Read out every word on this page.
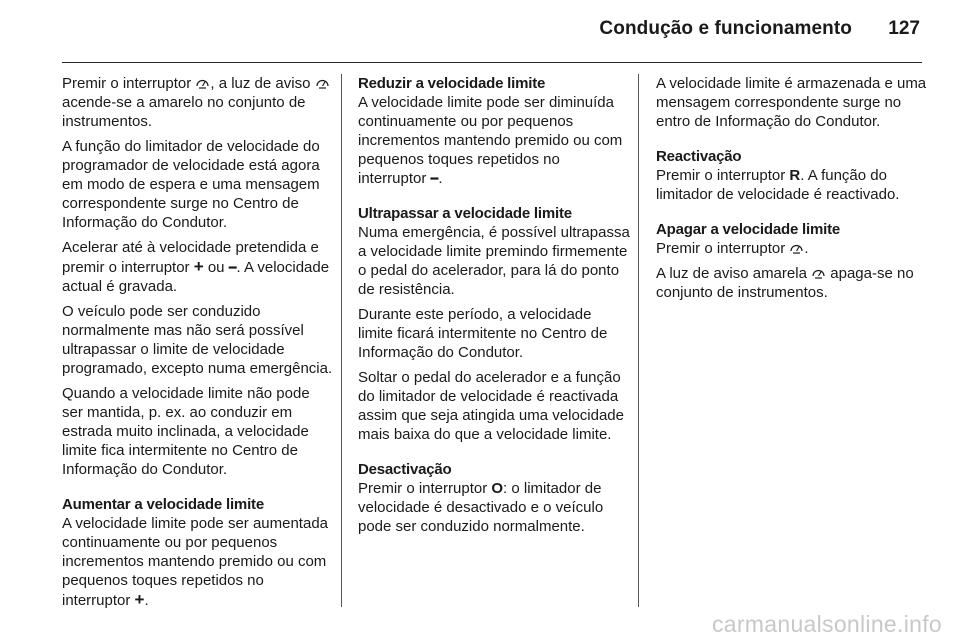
Condução e funcionamento 127

Premir o interruptor , a luz de aviso  acende-se a amarelo no conjunto de instrumentos.

A função do limitador de velocidade do programador de velocidade está agora em modo de espera e uma mensagem correspondente surge no Centro de Informação do Condutor.

Acelerar até à velocidade pretendida e premir o interruptor + ou ━. A velocidade actual é gravada.

O veículo pode ser conduzido normalmente mas não será possível ultrapassar o limite de velocidade programado, excepto numa emergência.

Quando a velocidade limite não pode ser mantida, p. ex. ao conduzir em estrada muito inclinada, a velocidade limite fica intermitente no Centro de Informação do Condutor.

Aumentar a velocidade limite

A velocidade limite pode ser aumentada continuamente ou por pequenos incrementos mantendo premido ou com pequenos toques repetidos no interruptor +.

Reduzir a velocidade limite

A velocidade limite pode ser diminuída continuamente ou por pequenos incrementos mantendo premido ou com pequenos toques repetidos no interruptor ━.

Ultrapassar a velocidade limite

Numa emergência, é possível ultrapassa a velocidade limite premindo firmemente o pedal do acelerador, para lá do ponto de resistência.

Durante este período, a velocidade limite ficará intermitente no Centro de Informação do Condutor.

Soltar o pedal do acelerador e a função do limitador de velocidade é reactivada assim que seja atingida uma velocidade mais baixa do que a velocidade limite.

Desactivação

Premir o interruptor O: o limitador de velocidade é desactivado e o veículo pode ser conduzido normalmente.

A velocidade limite é armazenada e uma mensagem correspondente surge no entro de Informação do Condutor.

Reactivação

Premir o interruptor R. A função do limitador de velocidade é reactivado.

Apagar a velocidade limite

Premir o interruptor .

A luz de aviso amarela  apaga-se no conjunto de instrumentos.

carmanualsonline.info
